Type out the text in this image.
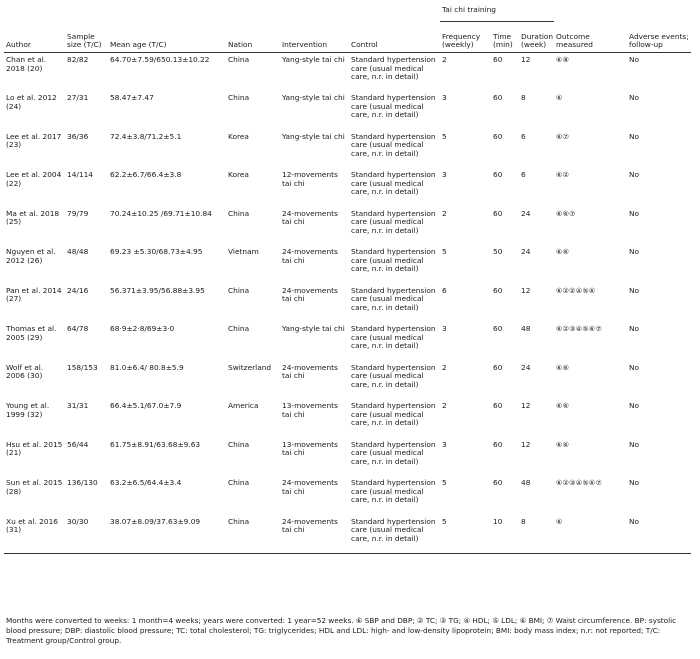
Author	Sample size (T/C)	Mean age (T/C)	Nation	Intervention	Control	Tai chi training			Outcome measured	Adverse events; follow-up
						Frequency (weekly)	Time (min)	Duration (week)		
Chan et al. 2018 (20)	82/82	64.70±7.59/650.13±10.22	China	Yang-style tai chi	Standard hypertension care (usual medical care, n.r. in detail)	2	60	12	⑥⑧	No
Lo et al. 2012 (24)	27/31	58.47±7.47	China	Yang-style tai chi	Standard hypertension care (usual medical care, n.r. in detail)	3	60	8	⑥	No
Lee et al. 2017 (23)	36/36	72.4±3.8/71.2±5.1	Korea	Yang-style tai chi	Standard hypertension care (usual medical care, n.r. in detail)	5	60	6	⑥⑦	No
Lee et al. 2004 (22)	14/114	62.2±6.7/66.4±3.8	Korea	12-movements tai chi	Standard hypertension care (usual medical care, n.r. in detail)	3	60	6	⑥②	No
Ma et al. 2018 (25)	79/79	70.24±10.25 /69.71±10.84	China	24-movements tai chi	Standard hypertension care (usual medical care, n.r. in detail)	2	60	24	⑥⑥⑦	No
Nguyen et al. 2012 (26)	48/48	69.23 ±5.30/68.73±4.95	Vietnam	24-movements tai chi	Standard hypertension care (usual medical care, n.r. in detail)	5	50	24	⑥⑥	No
Pan et al. 2014 (27)	24/16	56.371±3.95/56.88±3.95	China	24-movements tai chi	Standard hypertension care (usual medical care, n.r. in detail)	6	60	12	⑥②②④⑤⑥	No
Thomas et al. 2005 (29)	64/78	68·9±2·8/69±3·0	China	Yang-style tai chi	Standard hypertension care (usual medical care, n.r. in detail)	3	60	48	⑥②③④⑤⑥⑦	No
Wolf et al. 2006 (30)	158/153	81.0±6.4/ 80.8±5.9	Switzerland	24-movements tai chi	Standard hypertension care (usual medical care, n.r. in detail)	2	60	24	⑥⑥	No
Young et al. 1999 (32)	31/31	66.4±5.1/67.0±7.9	America	13-movements tai chi	Standard hypertension care (usual medical care, n.r. in detail)	2	60	12	⑥⑥	No
Hsu et al. 2015 (21)	56/44	61.75±8.91/63.68±9.63	China	13-movements tai chi	Standard hypertension care (usual medical care, n.r. in detail)	3	60	12	⑥⑥	No
Sun et al. 2015 (28)	136/130	63.2±6.5/64.4±3.4	China	24-movements tai chi	Standard hypertension care (usual medical care, n.r. in detail)	5	60	48	⑥②③④⑤⑥⑦	No
Xu et al. 2016 (31)	30/30	38.07±8.09/37.63±9.09	China	24-movements tai chi	Standard hypertension care (usual medical care, n.r. in detail)	5	10	8	⑥	No
Months were converted to weeks: 1 month=4 weeks; years were converted: 1 year=52 weeks. ⑥ SBP and DBP; ② TC; ③ TG; ④ HDL; ⑤ LDL; ⑥ BMI; ⑦ Waist circumference. BP: systolic blood pressure; DBP: diastolic blood pressure; TC: total cholesterol; TG: triglycerides; HDL and LDL: high- and low-density lipoprotein; BMI: body mass index; n.r: not reported; T/C: Treatment group/Control group.
